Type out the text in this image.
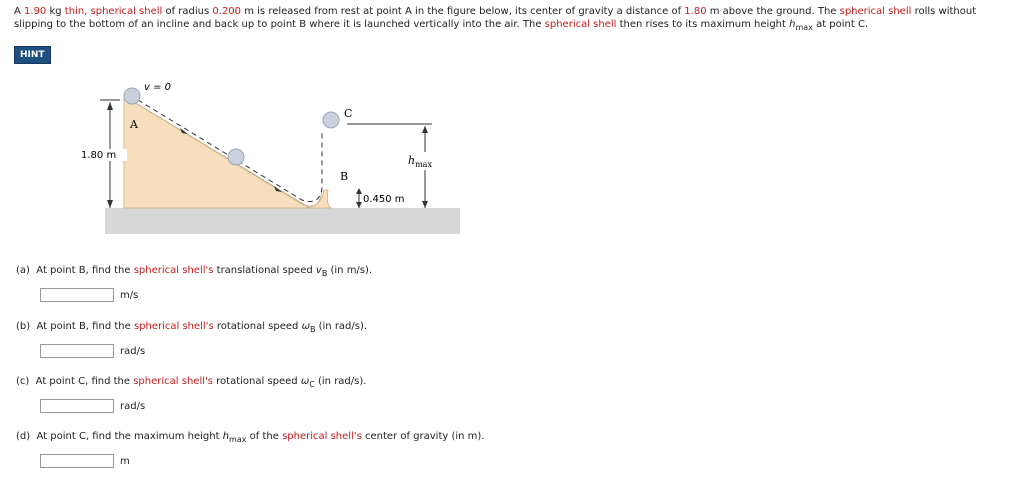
A 1.90 kg thin, spherical shell of radius 0.200 m is released from rest at point A in the figure below, its center of gravity a distance of 1.80 m above the ground. The spherical shell rolls without slipping to the bottom of an incline and back up to point B where it is launched vertically into the air. The spherical shell then rises to its maximum height $h_{max}$ at point C.
HINT
v = 0
A
C
B
1.80 m	$h_{max}$
0.450 m
(a) At point B, find the spherical shell's translational speed $v_B$ (in m/s).
m/s
(b) At point B, find the spherical shell's rotational speed $\omega_B$ (in rad/s).
rad/s
(c) At point C, find the spherical shell's rotational speed $\omega_C$ (in rad/s).
rad/s
(d) At point C, find the maximum height $h_{max}$ of the spherical shell's center of gravity (in m).
m
